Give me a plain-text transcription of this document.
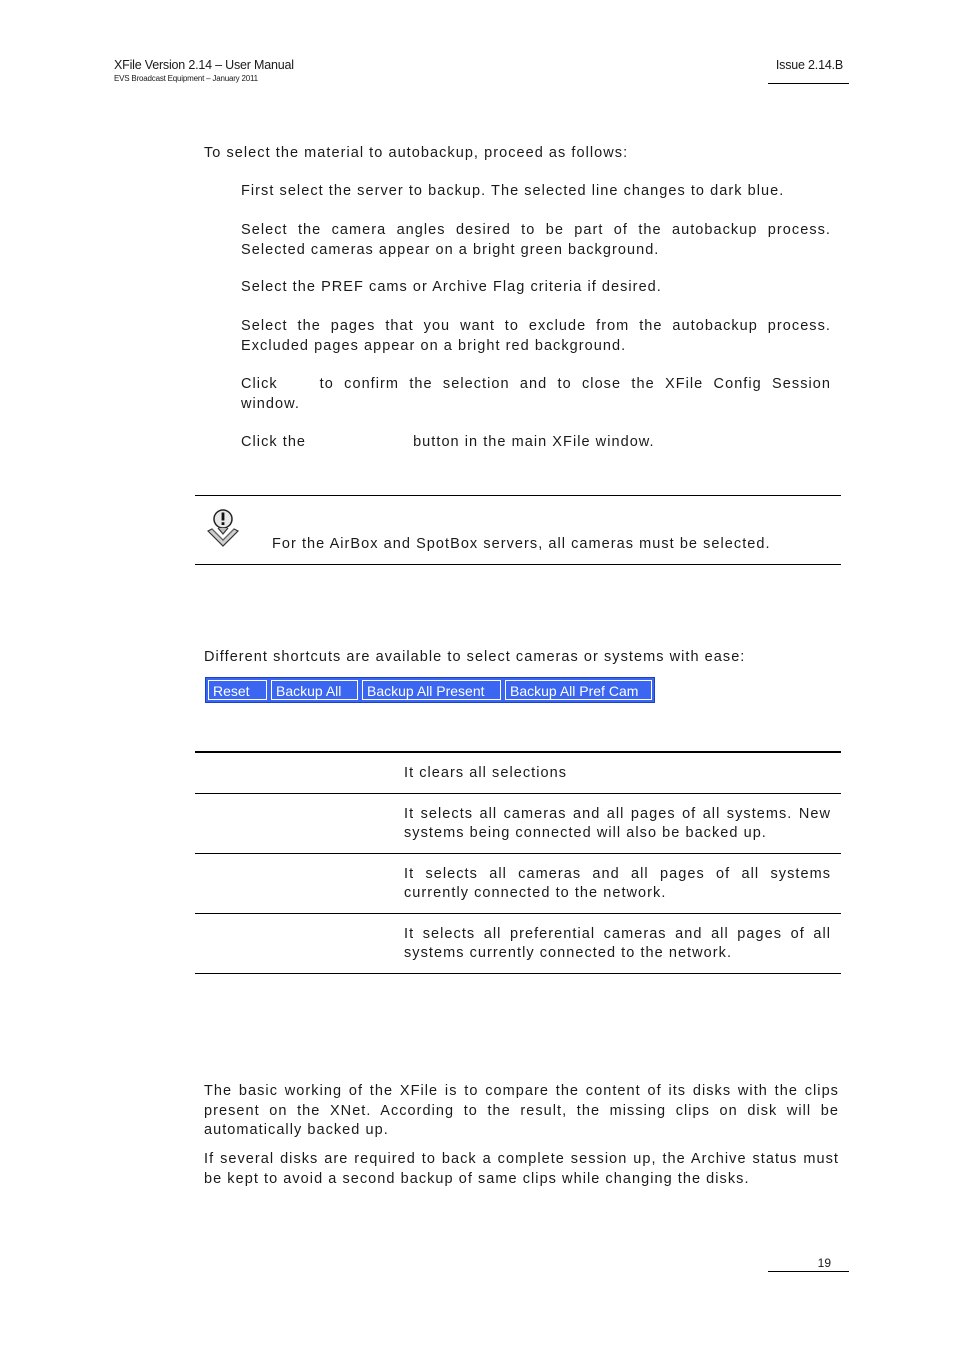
XFile Version 2.14 – User Manual
EVS Broadcast Equipment – January 2011
Issue 2.14.B
To select the material to autobackup, proceed as follows:
First select the server to backup. The selected line changes to dark blue.
Select the camera angles desired to be part of the autobackup process. Selected cameras appear on a bright green background.
Select the PREF cams or Archive Flag criteria if desired.
Select the pages that you want to exclude from the autobackup process. Excluded pages appear on a bright red background.
Click	to confirm the selection and to close the XFile Config Session window.
Click the	button in the main XFile window.
For the AirBox and SpotBox servers, all cameras must be selected.
Different shortcuts are available to select cameras or systems with ease:
Reset	Backup All	Backup All Present	Backup All Pref Cam
	It clears all selections
	It selects all cameras and all pages of all systems. New systems being connected will also be backed up.
	It selects all cameras and all pages of all systems currently connected to the network.
	It selects all preferential cameras and all pages of all systems currently connected to the network.
The basic working of the XFile is to compare the content of its disks with the clips present on the XNet. According to the result, the missing clips on disk will be automatically backed up.
If several disks are required to back a complete session up, the Archive status must be kept to avoid a second backup of same clips while changing the disks.
19
